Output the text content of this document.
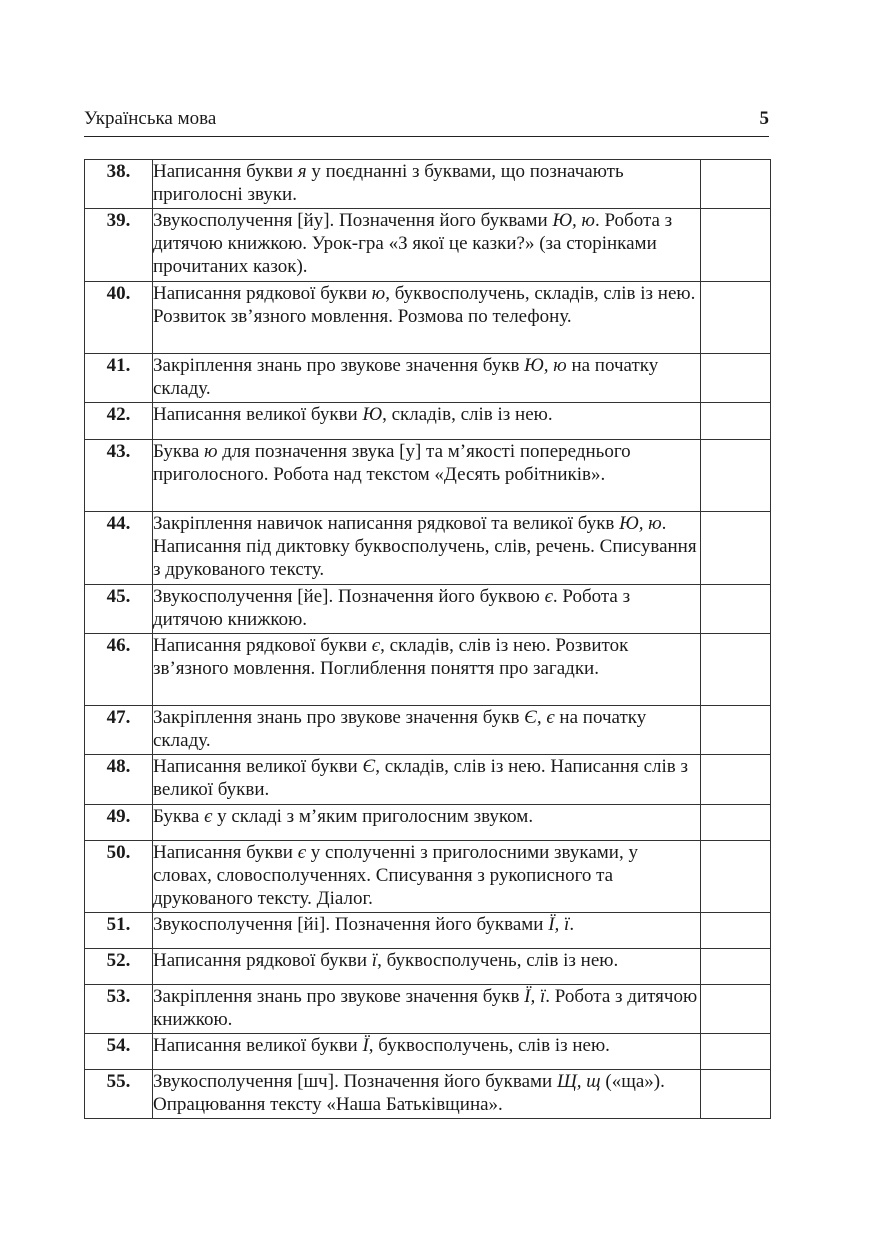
Українська мова	5
38.	Написання букви я у поєднанні з буквами, що позначають приголосні звуки.	
39.	Звукосполучення [йу]. Позначення його буквами Ю, ю. Робота з дитячою книжкою. Урок-гра «З якої це казки?» (за сторінками прочитаних казок).	
40.	Написання рядкової букви ю, буквосполучень, складів, слів із нею. Розвиток зв’язного мовлення. Розмова по телефону.	
41.	Закріплення знань про звукове значення букв Ю, ю на початку складу.	
42.	Написання великої букви Ю, складів, слів із нею.	
43.	Буква ю для позначення звука [у] та м’якості попереднього приголосного. Робота над текстом «Десять робітників».	
44.	Закріплення навичок написання рядкової та великої букв Ю, ю. Написання під диктовку буквосполучень, слів, речень. Списування з друкованого тексту.	
45.	Звукосполучення [йе]. Позначення його буквою є. Робота з дитячою книжкою.	
46.	Написання рядкової букви є, складів, слів із нею. Розвиток зв’язного мовлення. Поглиблення поняття про загадки.	
47.	Закріплення знань про звукове значення букв Є, є на початку складу.	
48.	Написання великої букви Є, складів, слів із нею. Написання слів з великої букви.	
49.	Буква є у складі з м’яким приголосним звуком.	
50.	Написання букви є у сполученні з приголосними звуками, у словах, словосполученнях. Списування з рукописного та друкованого тексту. Діалог.	
51.	Звукосполучення [йі]. Позначення його буквами Ї, ї.	
52.	Написання рядкової букви ї, буквосполучень, слів із нею.	
53.	Закріплення знань про звукове значення букв Ї, ї. Робота з дитячою книжкою.	
54.	Написання великої букви Ї, буквосполучень, слів із нею.	
55.	Звукосполучення [шч]. Позначення його буквами Щ, щ («ща»). Опрацювання тексту «Наша Батьківщина».	
